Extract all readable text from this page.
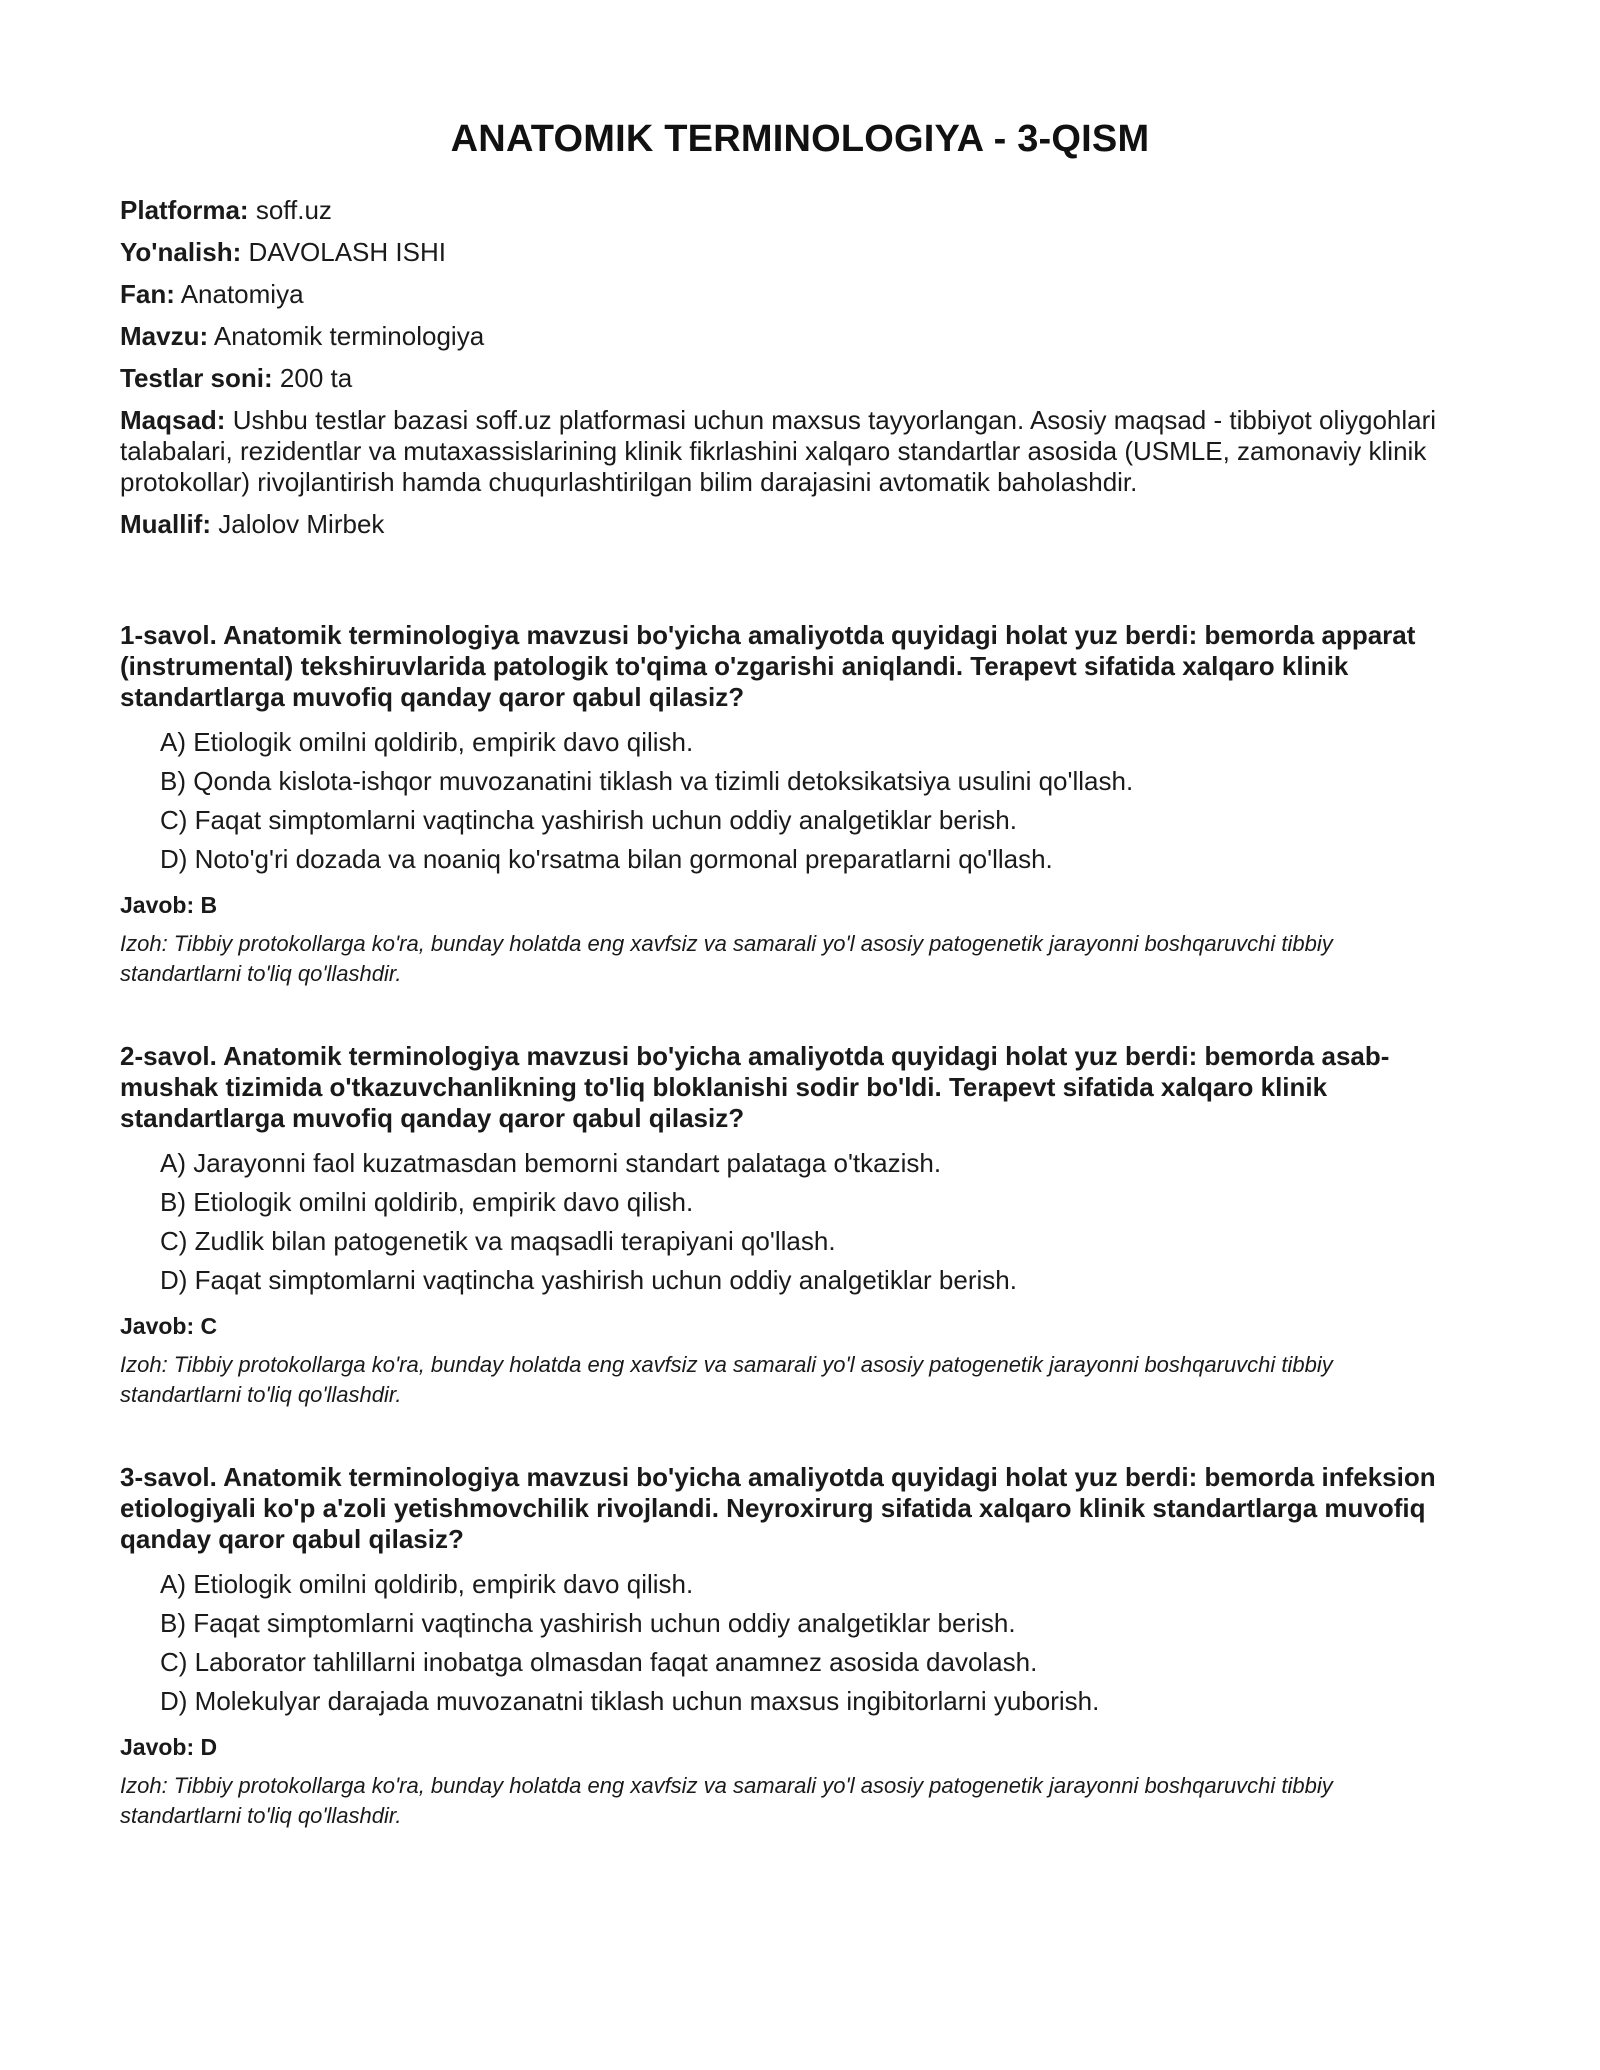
ANATOMIK TERMINOLOGIYA - 3-QISM

Platforma: soff.uz

Yo'nalish: DAVOLASH ISHI

Fan: Anatomiya

Mavzu: Anatomik terminologiya

Testlar soni: 200 ta

Maqsad: Ushbu testlar bazasi soff.uz platformasi uchun maxsus tayyorlangan. Asosiy maqsad - tibbiyot oliygohlari talabalari, rezidentlar va mutaxassislarining klinik fikrlashini xalqaro standartlar asosida (USMLE, zamonaviy klinik protokollar) rivojlantirish hamda chuqurlashtirilgan bilim darajasini avtomatik baholashdir.

Muallif: Jalolov Mirbek

1-savol. Anatomik terminologiya mavzusi bo'yicha amaliyotda quyidagi holat yuz berdi: bemorda apparat (instrumental) tekshiruvlarida patologik to'qima o'zgarishi aniqlandi. Terapevt sifatida xalqaro klinik standartlarga muvofiq qanday qaror qabul qilasiz?

A) Etiologik omilni qoldirib, empirik davo qilish.

B) Qonda kislota-ishqor muvozanatini tiklash va tizimli detoksikatsiya usulini qo'llash.

C) Faqat simptomlarni vaqtincha yashirish uchun oddiy analgetiklar berish.

D) Noto'g'ri dozada va noaniq ko'rsatma bilan gormonal preparatlarni qo'llash.

Javob: B

Izoh: Tibbiy protokollarga ko'ra, bunday holatda eng xavfsiz va samarali yo'l asosiy patogenetik jarayonni boshqaruvchi tibbiy standartlarni to'liq qo'llashdir.

2-savol. Anatomik terminologiya mavzusi bo'yicha amaliyotda quyidagi holat yuz berdi: bemorda asab-mushak tizimida o'tkazuvchanlikning to'liq bloklanishi sodir bo'ldi. Terapevt sifatida xalqaro klinik standartlarga muvofiq qanday qaror qabul qilasiz?

A) Jarayonni faol kuzatmasdan bemorni standart palataga o'tkazish.

B) Etiologik omilni qoldirib, empirik davo qilish.

C) Zudlik bilan patogenetik va maqsadli terapiyani qo'llash.

D) Faqat simptomlarni vaqtincha yashirish uchun oddiy analgetiklar berish.

Javob: C

Izoh: Tibbiy protokollarga ko'ra, bunday holatda eng xavfsiz va samarali yo'l asosiy patogenetik jarayonni boshqaruvchi tibbiy standartlarni to'liq qo'llashdir.

3-savol. Anatomik terminologiya mavzusi bo'yicha amaliyotda quyidagi holat yuz berdi: bemorda infeksion etiologiyali ko'p a'zoli yetishmovchilik rivojlandi. Neyroxirurg sifatida xalqaro klinik standartlarga muvofiq qanday qaror qabul qilasiz?

A) Etiologik omilni qoldirib, empirik davo qilish.

B) Faqat simptomlarni vaqtincha yashirish uchun oddiy analgetiklar berish.

C) Laborator tahlillarni inobatga olmasdan faqat anamnez asosida davolash.

D) Molekulyar darajada muvozanatni tiklash uchun maxsus ingibitorlarni yuborish.

Javob: D

Izoh: Tibbiy protokollarga ko'ra, bunday holatda eng xavfsiz va samarali yo'l asosiy patogenetik jarayonni boshqaruvchi tibbiy standartlarni to'liq qo'llashdir.
